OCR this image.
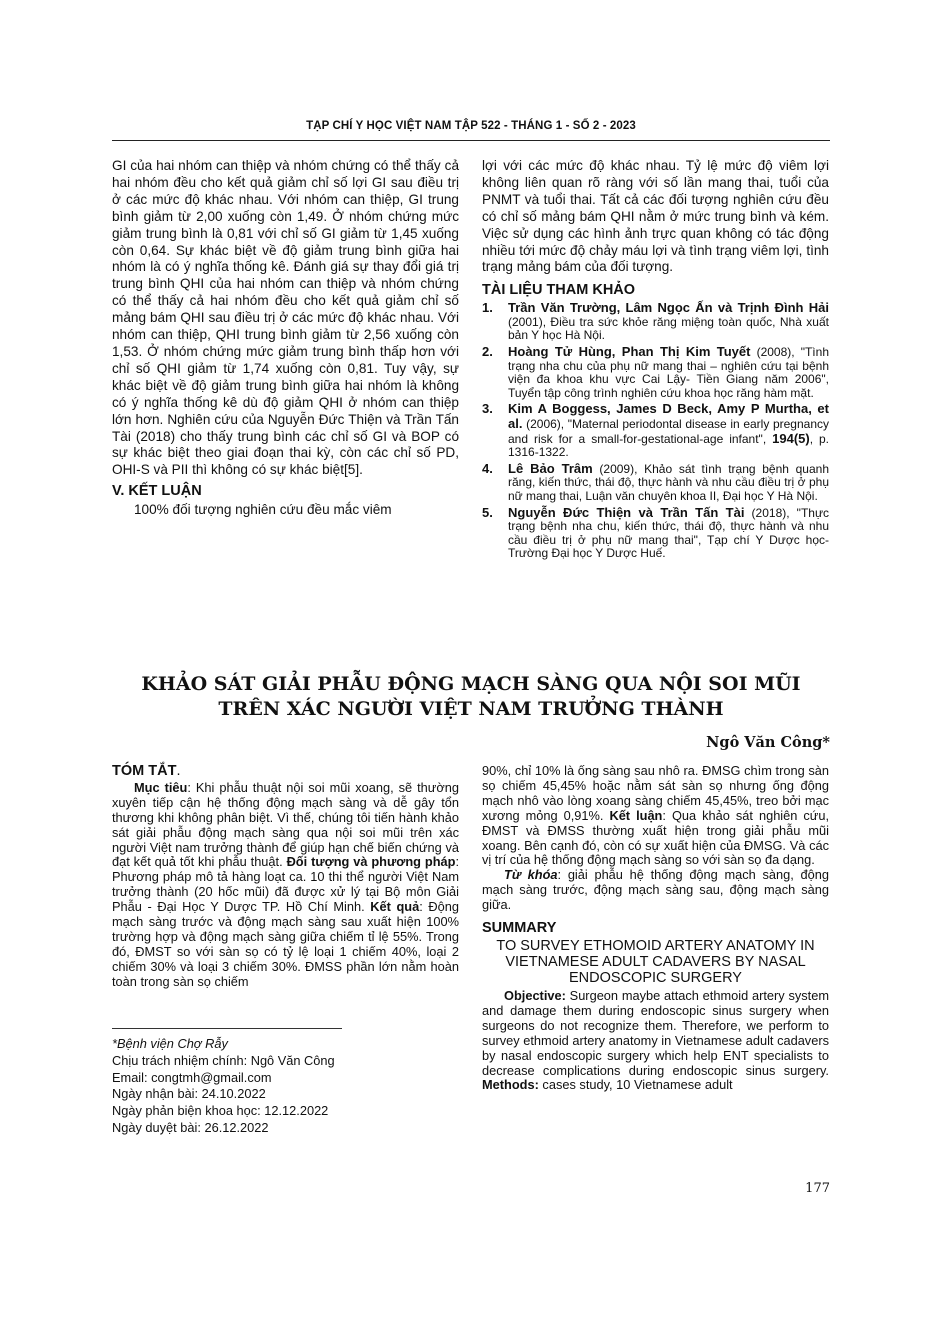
TẠP CHÍ Y HỌC VIỆT NAM TẬP 522 - THÁNG 1 - SỐ 2 - 2023

GI của hai nhóm can thiệp và nhóm chứng có thể thấy cả hai nhóm đều cho kết quả giảm chỉ số lợi GI sau điều trị ở các mức độ khác nhau. Với nhóm can thiệp, GI trung bình giảm từ 2,00 xuống còn 1,49. Ở nhóm chứng mức giảm trung bình là 0,81 với chỉ số GI giảm từ 1,45 xuống còn 0,64. Sự khác biệt về độ giảm trung bình giữa hai nhóm là có ý nghĩa thống kê. Đánh giá sự thay đổi giá trị trung bình QHI của hai nhóm can thiệp và nhóm chứng có thể thấy cả hai nhóm đều cho kết quả giảm chỉ số mảng bám QHI sau điều trị ở các mức độ khác nhau. Với nhóm can thiệp, QHI trung bình giảm từ 2,56 xuống còn 1,53. Ở nhóm chứng mức giảm trung bình thấp hơn với chỉ số QHI giảm từ 1,74 xuống còn 0,81. Tuy vậy, sự khác biệt về độ giảm trung bình giữa hai nhóm là không có ý nghĩa thống kê dù độ giảm QHI ở nhóm can thiệp lớn hơn. Nghiên cứu của Nguyễn Đức Thiện và Trần Tấn Tài (2018) cho thấy trung bình các chỉ số GI và BOP có sự khác biệt theo giai đoạn thai kỳ, còn các chỉ số PD, OHI-S và PII thì không có sự khác biệt[5].

V. KẾT LUẬN

100% đối tượng nghiên cứu đều mắc viêm

lợi với các mức độ khác nhau. Tỷ lệ mức độ viêm lợi không liên quan rõ ràng với số lần mang thai, tuổi của PNMT và tuổi thai. Tất cả các đối tượng nghiên cứu đều có chỉ số mảng bám QHI nằm ở mức trung bình và kém. Việc sử dụng các hình ảnh trực quan không có tác động nhiều tới mức độ chảy máu lợi và tình trạng viêm lợi, tình trạng mảng bám của đối tượng.

TÀI LIỆU THAM KHẢO
1. Trần Văn Trường, Lâm Ngọc Ấn và Trịnh Đình Hải (2001), Điều tra sức khỏe răng miệng toàn quốc, Nhà xuất bản Y học Hà Nội.
2. Hoàng Tử Hùng, Phan Thị Kim Tuyết (2008), "Tình trạng nha chu của phụ nữ mang thai – nghiên cứu tại bệnh viện đa khoa khu vực Cai Lậy- Tiền Giang năm 2006", Tuyển tập công trình nghiên cứu khoa học răng hàm mặt.
3. Kim A Boggess, James D Beck, Amy P Murtha, et al. (2006), "Maternal periodontal disease in early pregnancy and risk for a small-for-gestational-age infant", 194(5), p. 1316-1322.
4. Lê Bảo Trâm (2009), Khảo sát tình trạng bệnh quanh răng, kiến thức, thái độ, thực hành và nhu cầu điều trị ở phụ nữ mang thai, Luận văn chuyên khoa II, Đại học Y Hà Nội.
5. Nguyễn Đức Thiện và Trần Tấn Tài (2018), "Thực trạng bệnh nha chu, kiến thức, thái độ, thực hành và nhu cầu điều trị ở phụ nữ mang thai", Tạp chí Y Dược học-Trường Đại học Y Dược Huế.
KHẢO SÁT GIẢI PHẪU ĐỘNG MẠCH SÀNG QUA NỘI SOI MŨI
TRÊN XÁC NGƯỜI VIỆT NAM TRƯỞNG THÀNH
Ngô Văn Công*
TÓM TẮT.

Mục tiêu: Khi phẫu thuật nội soi mũi xoang, sẽ thường xuyên tiếp cận hệ thống động mạch sàng và dễ gây tổn thương khi không phân biệt. Vì thế, chúng tôi tiến hành khảo sát giải phẫu động mạch sàng qua nội soi mũi trên xác người Việt nam trưởng thành để giúp hạn chế biến chứng và đạt kết quả tốt khi phẫu thuật. Đối tượng và phương pháp: Phương pháp mô tả hàng loạt ca. 10 thi thể người Việt Nam trưởng thành (20 hốc mũi) đã được xử lý tại Bộ môn Giải Phẫu - Đại Học Y Dược TP. Hồ Chí Minh. Kết quả: Động mạch sàng trước và động mạch sàng sau xuất hiện 100% trường hợp và động mạch sàng giữa chiếm tỉ lệ 55%. Trong đó, ĐMST so với sàn sọ có tỷ lệ loại 1 chiếm 40%, loại 2 chiếm 30% và loại 3 chiếm 30%. ĐMSS phần lớn nằm hoàn toàn trong sàn sọ chiếm

*Bệnh viện Chợ Rẫy
Chịu trách nhiệm chính: Ngô Văn Công
Email: congtmh@gmail.com
Ngày nhận bài: 24.10.2022
Ngày phản biện khoa học: 12.12.2022
Ngày duyệt bài: 26.12.2022

90%, chỉ 10% là ống sàng sau nhô ra. ĐMSG chìm trong sàn sọ chiếm 45,45% hoặc nằm sát sàn sọ nhưng ống động mạch nhô vào lòng xoang sàng chiếm 45,45%, treo bởi mạc xương mỏng 0,91%. Kết luận: Qua khảo sát nghiên cứu, ĐMST và ĐMSS thường xuất hiện trong giải phẫu mũi xoang. Bên cạnh đó, còn có sự xuất hiện của ĐMSG. Và các vị trí của hệ thống động mạch sàng so với sàn sọ đa dạng.

Từ khóa: giải phẫu hệ thống động mạch sàng, động mạch sàng trước, động mạch sàng sau, động mạch sàng giữa.

SUMMARY
TO SURVEY ETHOMOID ARTERY ANATOMY IN VIETNAMESE ADULT CADAVERS BY NASAL ENDOSCOPIC SURGERY

Objective: Surgeon maybe attach ethmoid artery system and damage them during endoscopic sinus surgery when surgeons do not recognize them. Therefore, we perform to survey ethmoid artery anatomy in Vietnamese adult cadavers by nasal endoscopic surgery which help ENT specialists to decrease complications during endoscopic sinus surgery. Methods: cases study, 10 Vietnamese adult

177
